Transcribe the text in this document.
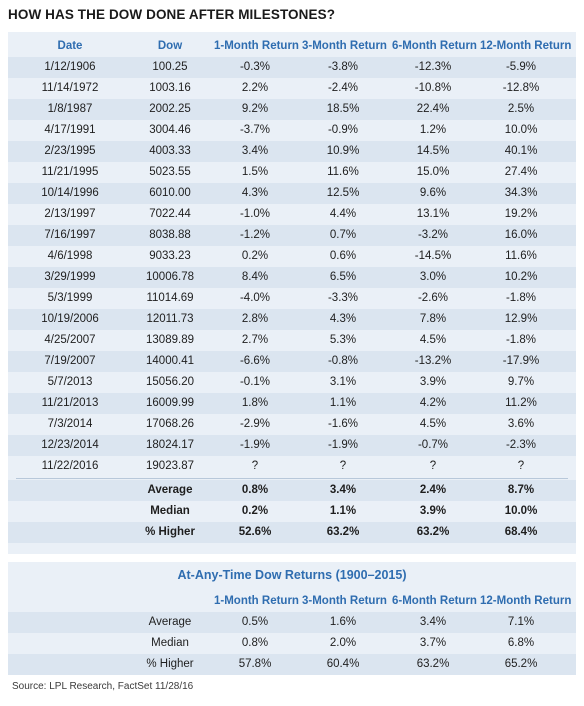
HOW HAS THE DOW DONE AFTER MILESTONES?
At-Any-Time Dow Returns (1900–2015)
Date	Dow	1-Month Return 3-Month Return 6-Month Return 12-Month Return
1/12/1906	100.25	-0.3%	-3.8%	-12.3%	-5.9%
11/14/1972	1003.16	2.2%	-2.4%	-10.8%	-12.8%
1/8/1987	2002.25	9.2%	18.5%	22.4%	2.5%
4/17/1991	3004.46	-3.7%	-0.9%	1.2%	10.0%
2/23/1995	4003.33	3.4%	10.9%	14.5%	40.1%
11/21/1995	5023.55	1.5%	11.6%	15.0%	27.4%
10/14/1996	6010.00	4.3%	12.5%	9.6%	34.3%
2/13/1997	7022.44	-1.0%	4.4%	13.1%	19.2%
7/16/1997	8038.88	-1.2%	0.7%	-3.2%	16.0%
4/6/1998	9033.23	0.2%	0.6%	-14.5%	11.6%
3/29/1999	10006.78	8.4%	6.5%	3.0%	10.2%
5/3/1999	11014.69	-4.0%	-3.3%	-2.6%	-1.8%
10/19/2006	12011.73	2.8%	4.3%	7.8%	12.9%
4/25/2007	13089.89	2.7%	5.3%	4.5%	-1.8%
7/19/2007	14000.41	-6.6%	-0.8%	-13.2%	-17.9%
5/7/2013	15056.20	-0.1%	3.1%	3.9%	9.7%
11/21/2013	16009.99	1.8%	1.1%	4.2%	11.2%
7/3/2014	17068.26	-2.9%	-1.6%	4.5%	3.6%
12/23/2014	18024.17	-1.9%	-1.9%	-0.7%	-2.3%
11/22/2016	19023.87	?	?	?	?
Average	0.8%	3.4%	2.4%	8.7%
Median	0.2%	1.1%	3.9%	10.0%
% Higher	52.6%	63.2%	63.2%	68.4%
1-Month Return 3-Month Return 6-Month Return 12-Month Return
Average	0.5%	1.6%	3.4%	7.1%
Median	0.8%	2.0%	3.7%	6.8%
% Higher	57.8%	60.4%	63.2%	65.2%
Source: LPL Research, FactSet 11/28/16
